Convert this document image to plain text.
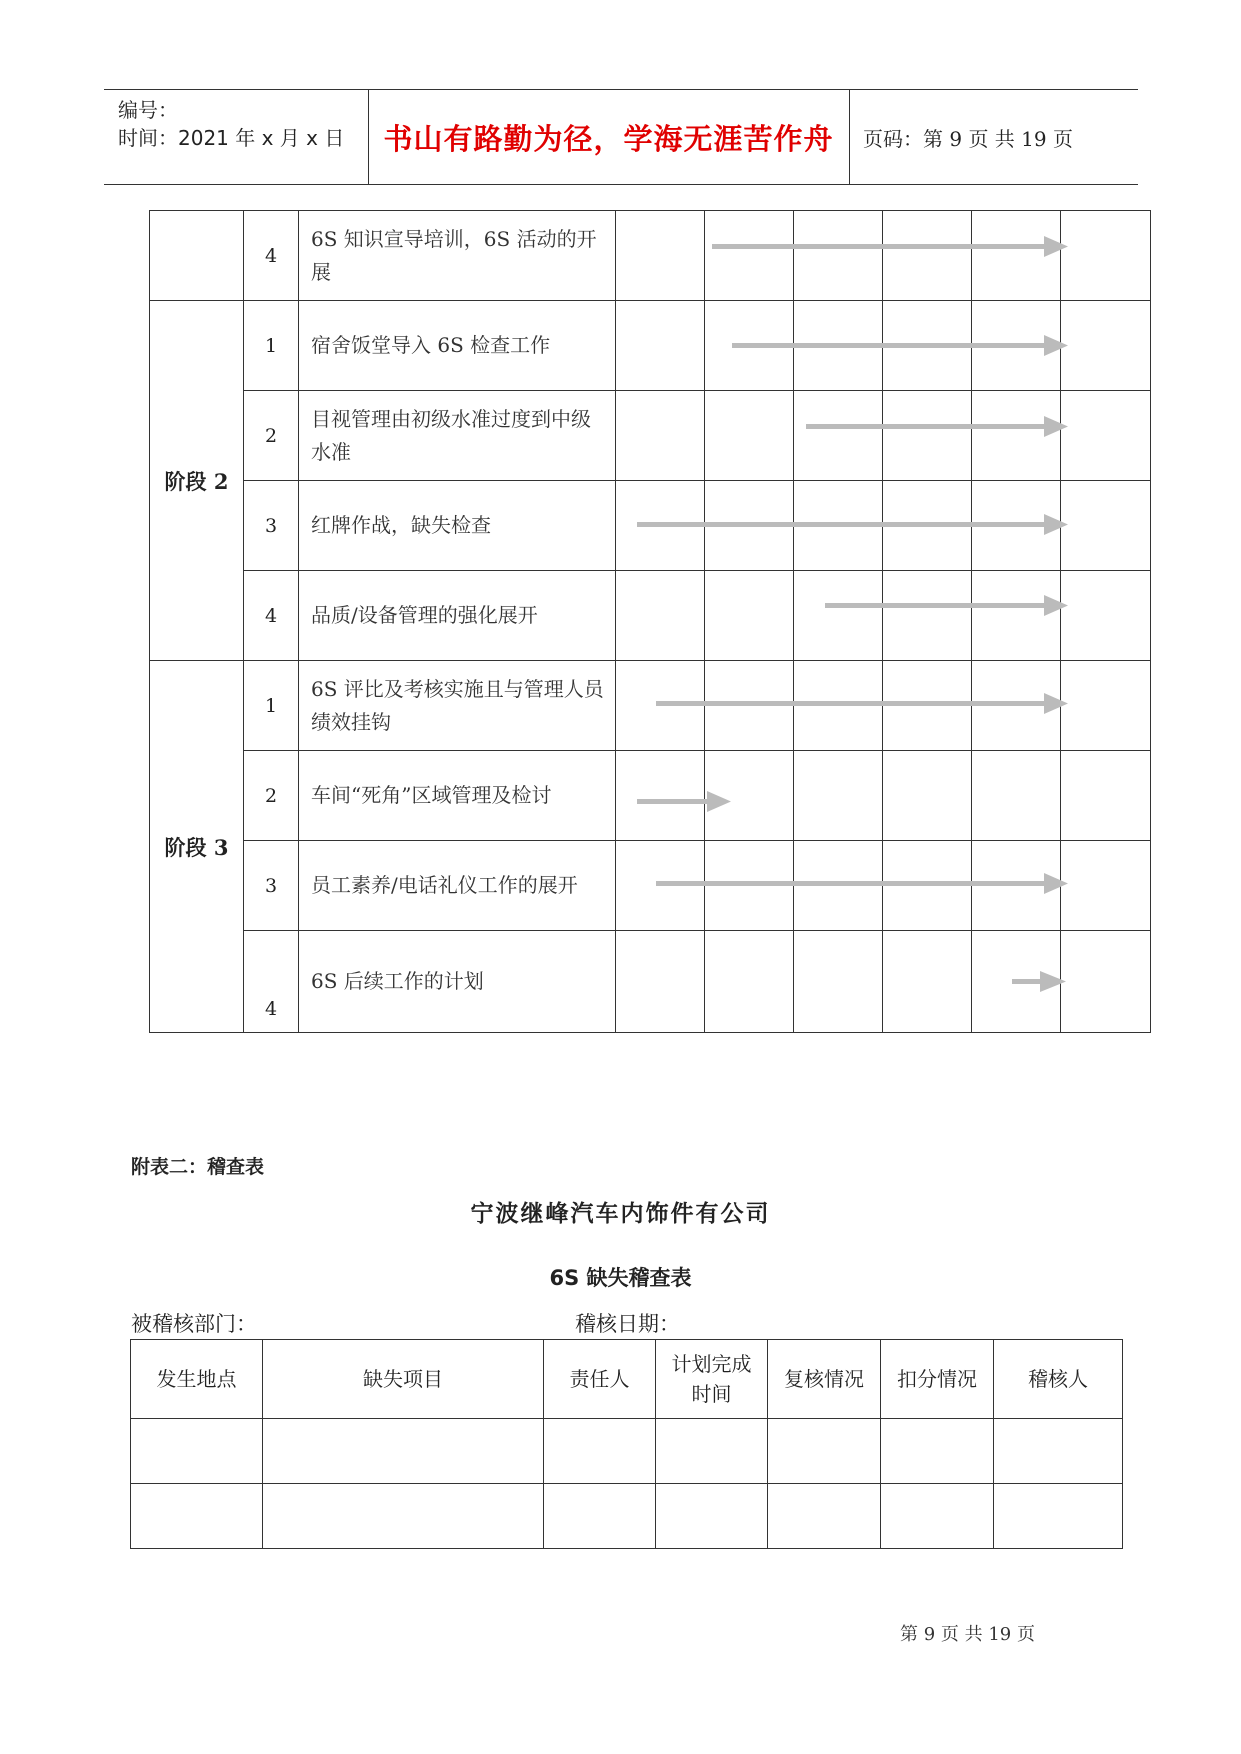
编号：
时间：2021 年 x 月 x 日 书山有路勤为径，学海无涯苦作舟 页码：第 9 页 共 19 页
	4	6S 知识宣导培训，6S 活动的开展						
阶段 2	1	宿舍饭堂导入 6S 检查工作						
	2	目视管理由初级水准过度到中级水准						
	3	红牌作战，缺失检查						
	4	品质/设备管理的强化展开						
阶段 3	1	6S 评比及考核实施且与管理人员绩效挂钩						
	2	车间“死角”区域管理及检讨						
	3	员工素养/电话礼仪工作的展开						
	4	6S 后续工作的计划						
附表二：稽查表
宁波继峰汽车内饰件有公司
6S 缺失稽查表
被稽核部门：	稽核日期：
发生地点	缺失项目	责任人	计划完成时间	复核情况	扣分情况	稽核人

第 9 页 共 19 页
